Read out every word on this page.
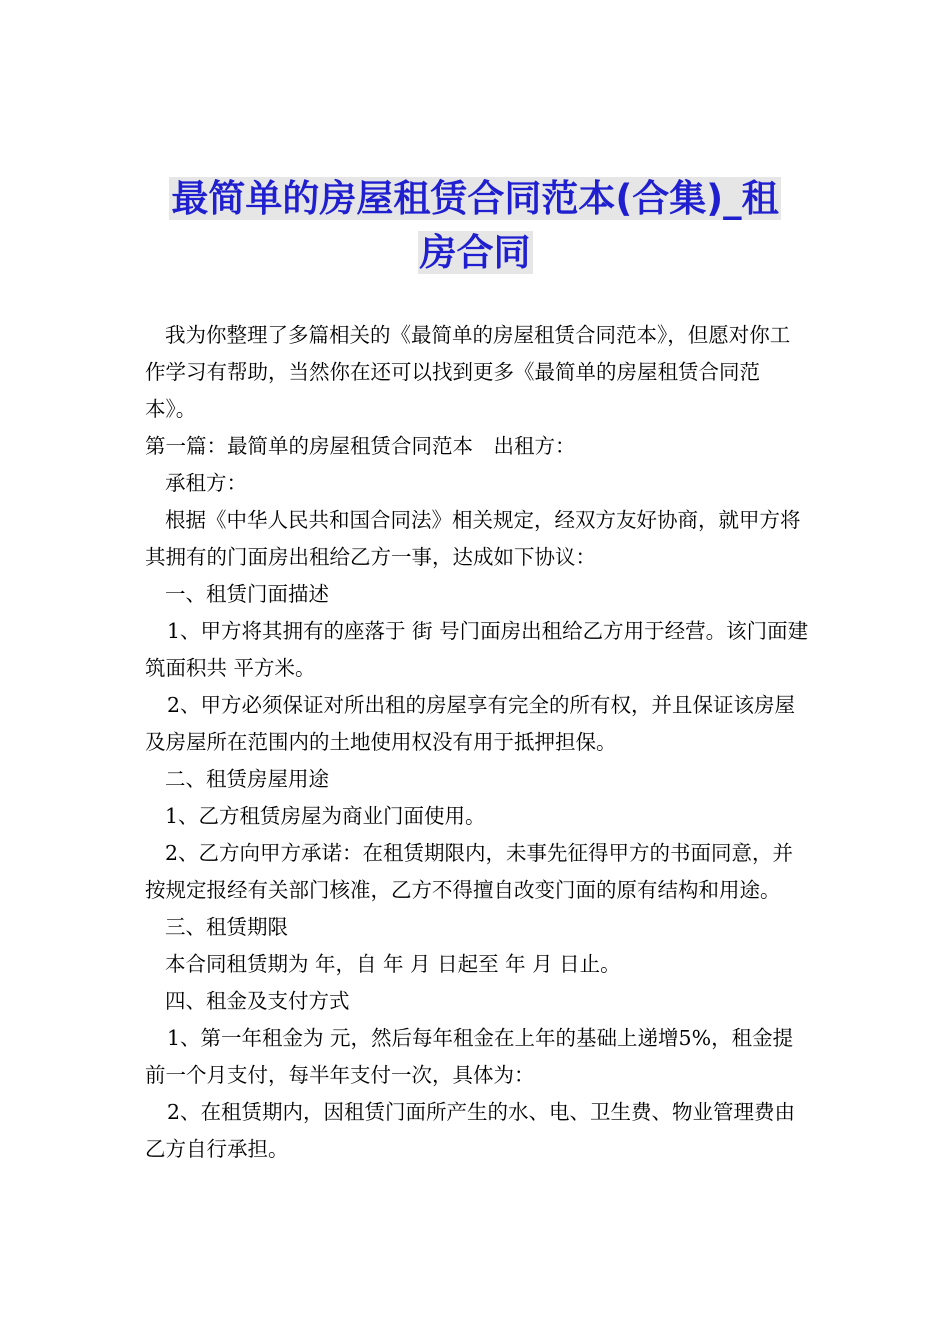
最简单的房屋租赁合同范本(合集)_租
房合同

我为你整理了多篇相关的《最简单的房屋租赁合同范本》，但愿对你工作学习有帮助，当然你在还可以找到更多《最简单的房屋租赁合同范本》。

第一篇：最简单的房屋租赁合同范本　出租方：

承租方：

根据《中华人民共和国合同法》相关规定，经双方友好协商，就甲方将其拥有的门面房出租给乙方一事，达成如下协议：

一、租赁门面描述

1、甲方将其拥有的座落于 街 号门面房出租给乙方用于经营。该门面建筑面积共 平方米。

2、甲方必须保证对所出租的房屋享有完全的所有权，并且保证该房屋及房屋所在范围内的土地使用权没有用于抵押担保。

二、租赁房屋用途

1、乙方租赁房屋为商业门面使用。

2、乙方向甲方承诺：在租赁期限内，未事先征得甲方的书面同意，并按规定报经有关部门核准，乙方不得擅自改变门面的原有结构和用途。

三、租赁期限

本合同租赁期为 年，自 年 月 日起至 年 月 日止。

四、租金及支付方式

1、第一年租金为 元，然后每年租金在上年的基础上递增5%，租金提前一个月支付，每半年支付一次，具体为：

2、在租赁期内，因租赁门面所产生的水、电、卫生费、物业管理费由乙方自行承担。
